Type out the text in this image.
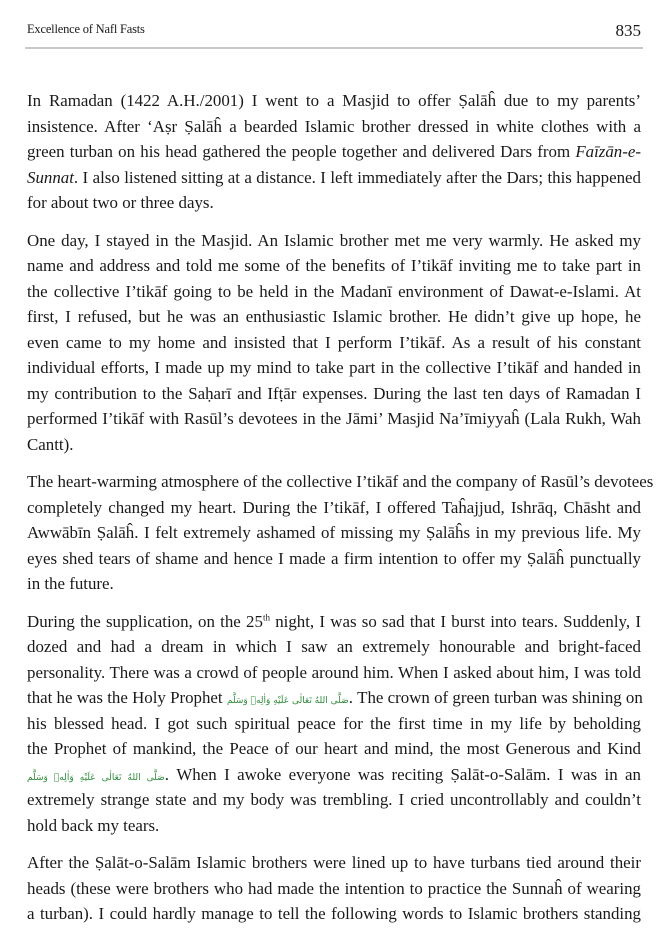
Excellence of Nafl Fasts	835
In Ramadan (1422 A.H./2001) I went to a Masjid to offer Ṣalāĥ due to my parents’
insistence. After ‘Aṣr Ṣalāĥ a bearded Islamic brother dressed in white clothes with a
green turban on his head gathered the people together and delivered Dars from Faīzān-e-
Sunnat. I also listened sitting at a distance. I left immediately after the Dars; this happened
for about two or three days.
One day, I stayed in the Masjid. An Islamic brother met me very warmly. He asked my
name and address and told me some of the benefits of I’tikāf inviting me to take part in
the collective I’tikāf going to be held in the Madanī environment of Dawat-e-Islami. At
first, I refused, but he was an enthusiastic Islamic brother. He didn’t give up hope, he
even came to my home and insisted that I perform I’tikāf. As a result of his constant
individual efforts, I made up my mind to take part in the collective I’tikāf and handed in
my contribution to the Saḥarī and Ifṭār expenses. During the last ten days of Ramadan I
performed I’tikāf with Rasūl’s devotees in the Jāmi’ Masjid Na’īmiyyaĥ (Lala Rukh, Wah
Cantt).
The heart-warming atmosphere of the collective I’tikāf and the company of Rasūl’s devotees
completely changed my heart. During the I’tikāf, I offered Taĥajjud, Ishrāq, Chāsht and
Awwābīn Ṣalāĥ. I felt extremely ashamed of missing my Ṣalāĥs in my previous life. My
eyes shed tears of shame and hence I made a firm intention to offer my Ṣalāĥ punctually
in the future.
During the supplication, on the 25th night, I was so sad that I burst into tears. Suddenly, I
dozed and had a dream in which I saw an extremely honourable and bright-faced
personality. There was a crowd of people around him. When I asked about him, I was told
that he was the Holy Prophet صَلَّى اللهُ تَعَالٰى عَلَيْهِ وَاٰلِهٖ وَسَلَّم. The crown of green turban was shining on
his blessed head. I got such spiritual peace for the first time in my life by beholding
the Prophet of mankind, the Peace of our heart and mind, the most Generous and Kind
صَلَّى اللهُ تَعَالٰى عَلَيْهِ وَاٰلِهٖ وَسَلَّم. When I awoke everyone was reciting Ṣalāt-o-Salām. I was in an
extremely strange state and my body was trembling. I cried uncontrollably and couldn’t
hold back my tears.
After the Ṣalāt-o-Salām Islamic brothers were lined up to have turbans tied around their
heads (these were brothers who had made the intention to practice the Sunnaĥ of wearing
a turban). I could hardly manage to tell the following words to Islamic brothers standing
